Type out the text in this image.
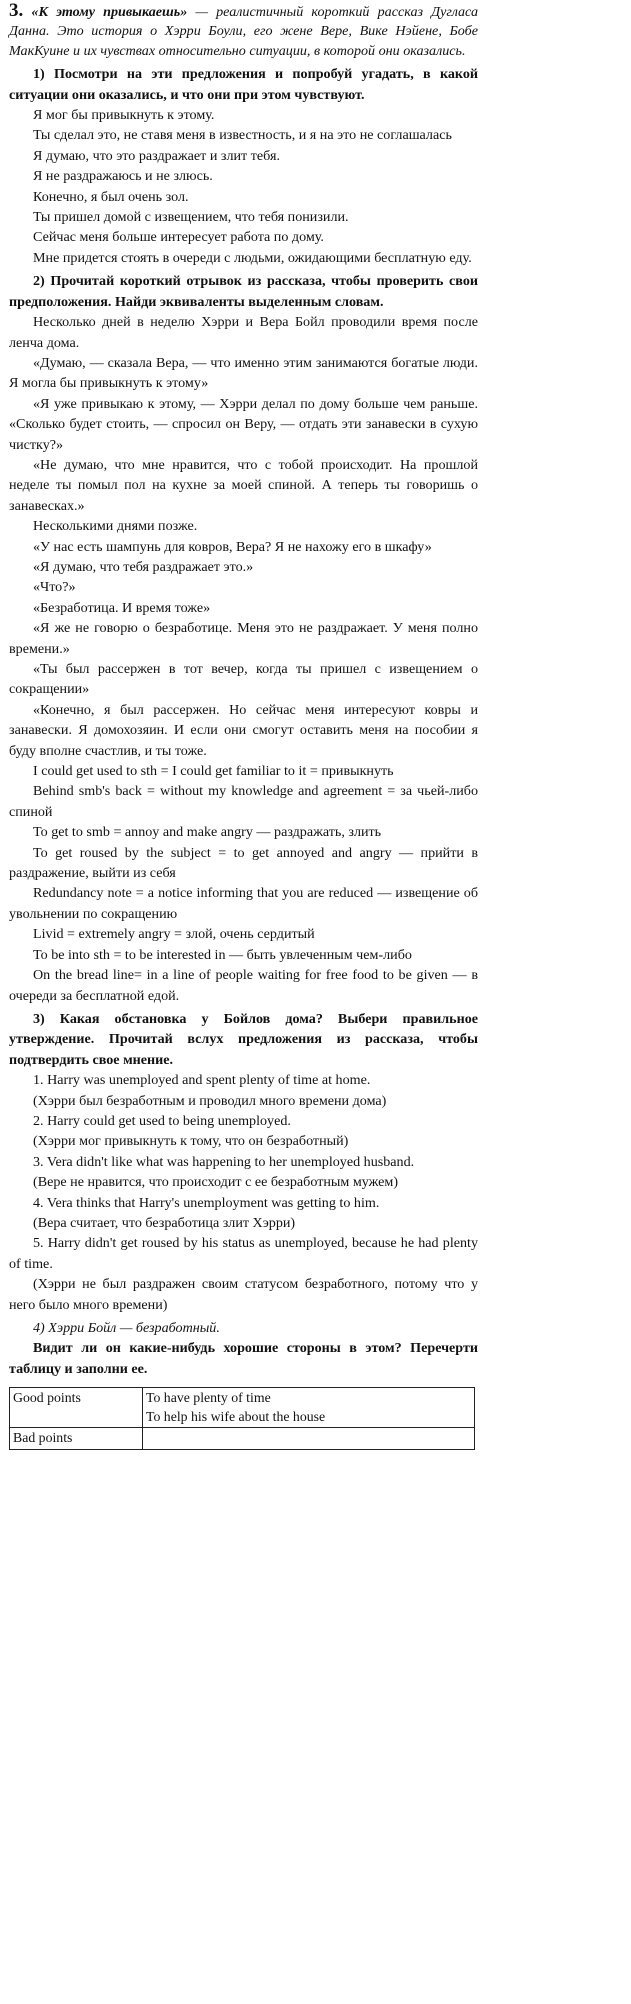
3. «К этому привыкаешь» — реалистичный короткий рассказ Дугласа Данна. Это история о Хэрри Боули, его жене Вере, Вике Нэйене, Бобе МакКуине и их чувствах относительно ситуации, в которой они оказались.

1) Посмотри на эти предложения и попробуй угадать, в какой ситуации они оказались, и что они при этом чувствуют.

Я мог бы привыкнуть к этому.

Ты сделал это, не ставя меня в известность, и я на это не соглашалась

Я думаю, что это раздражает и злит тебя.

Я не раздражаюсь и не злюсь.

Конечно, я был очень зол.

Ты пришел домой с извещением, что тебя понизили.

Сейчас меня больше интересует работа по дому.

Мне придется стоять в очереди с людьми, ожидающими бесплатную еду.

2) Прочитай короткий отрывок из рассказа, чтобы проверить свои предположения. Найди эквиваленты выделенным словам.

Несколько дней в неделю Хэрри и Вера Бойл проводили время после ленча дома.

«Думаю, — сказала Вера, — что именно этим занимаются богатые люди. Я могла бы привыкнуть к этому»

«Я уже привыкаю к этому, — Хэрри делал по дому больше чем раньше. «Сколько будет стоить, — спросил он Веру, — отдать эти занавески в сухую чистку?»

«Не думаю, что мне нравится, что с тобой происходит. На прошлой неделе ты помыл пол на кухне за моей спиной. А теперь ты говоришь о занавесках.»

Несколькими днями позже.

«У нас есть шампунь для ковров, Вера? Я не нахожу его в шкафу»

«Я думаю, что тебя раздражает это.»

«Что?»

«Безработица. И время тоже»

«Я же не говорю о безработице. Меня это не раздражает. У меня полно времени.»

«Ты был рассержен в тот вечер, когда ты пришел с извещением о сокращении»

«Конечно, я был рассержен. Но сейчас меня интересуют ковры и занавески. Я домохозяин. И если они смогут оставить меня на пособии я буду вполне счастлив, и ты тоже.

I could get used to sth = I could get familiar to it = привыкнуть

Behind smb's back = without my knowledge and agreement = за чьей-либо спиной

To get to smb = annoy and make angry — раздражать, злить

To get roused by the subject = to get annoyed and angry — прийти в раздражение, выйти из себя

Redundancy note = a notice informing that you are reduced — извещение об увольнении по сокращению

Livid = extremely angry = злой, очень сердитый

To be into sth = to be interested in — быть увлеченным чем-либо

On the bread line= in a line of people waiting for free food to be given — в очереди за бесплатной едой.

3) Какая обстановка у Бойлов дома? Выбери правильное утверждение. Прочитай вслух предложения из рассказа, чтобы подтвердить свое мнение.

1. Harry was unemployed and spent plenty of time at home.

(Хэрри был безработным и проводил много времени дома)

2. Harry could get used to being unemployed.

(Хэрри мог привыкнуть к тому, что он безработный)

3. Vera didn't like what was happening to her unemployed husband.

(Вере не нравится, что происходит с ее безработным мужем)

4. Vera thinks that Harry's unemployment was getting to him.

(Вера считает, что безработица злит Хэрри)

5. Harry didn't get roused by his status as unemployed, because he had plenty of time.

(Хэрри не был раздражен своим статусом безработного, потому что у него было много времени)

4) Хэрри Бойл — безработный.

Видит ли он какие-нибудь хорошие стороны в этом? Перечерти таблицу и заполни ее.

Good points	To have plenty of time
To help his wife about the house

Bad points	
